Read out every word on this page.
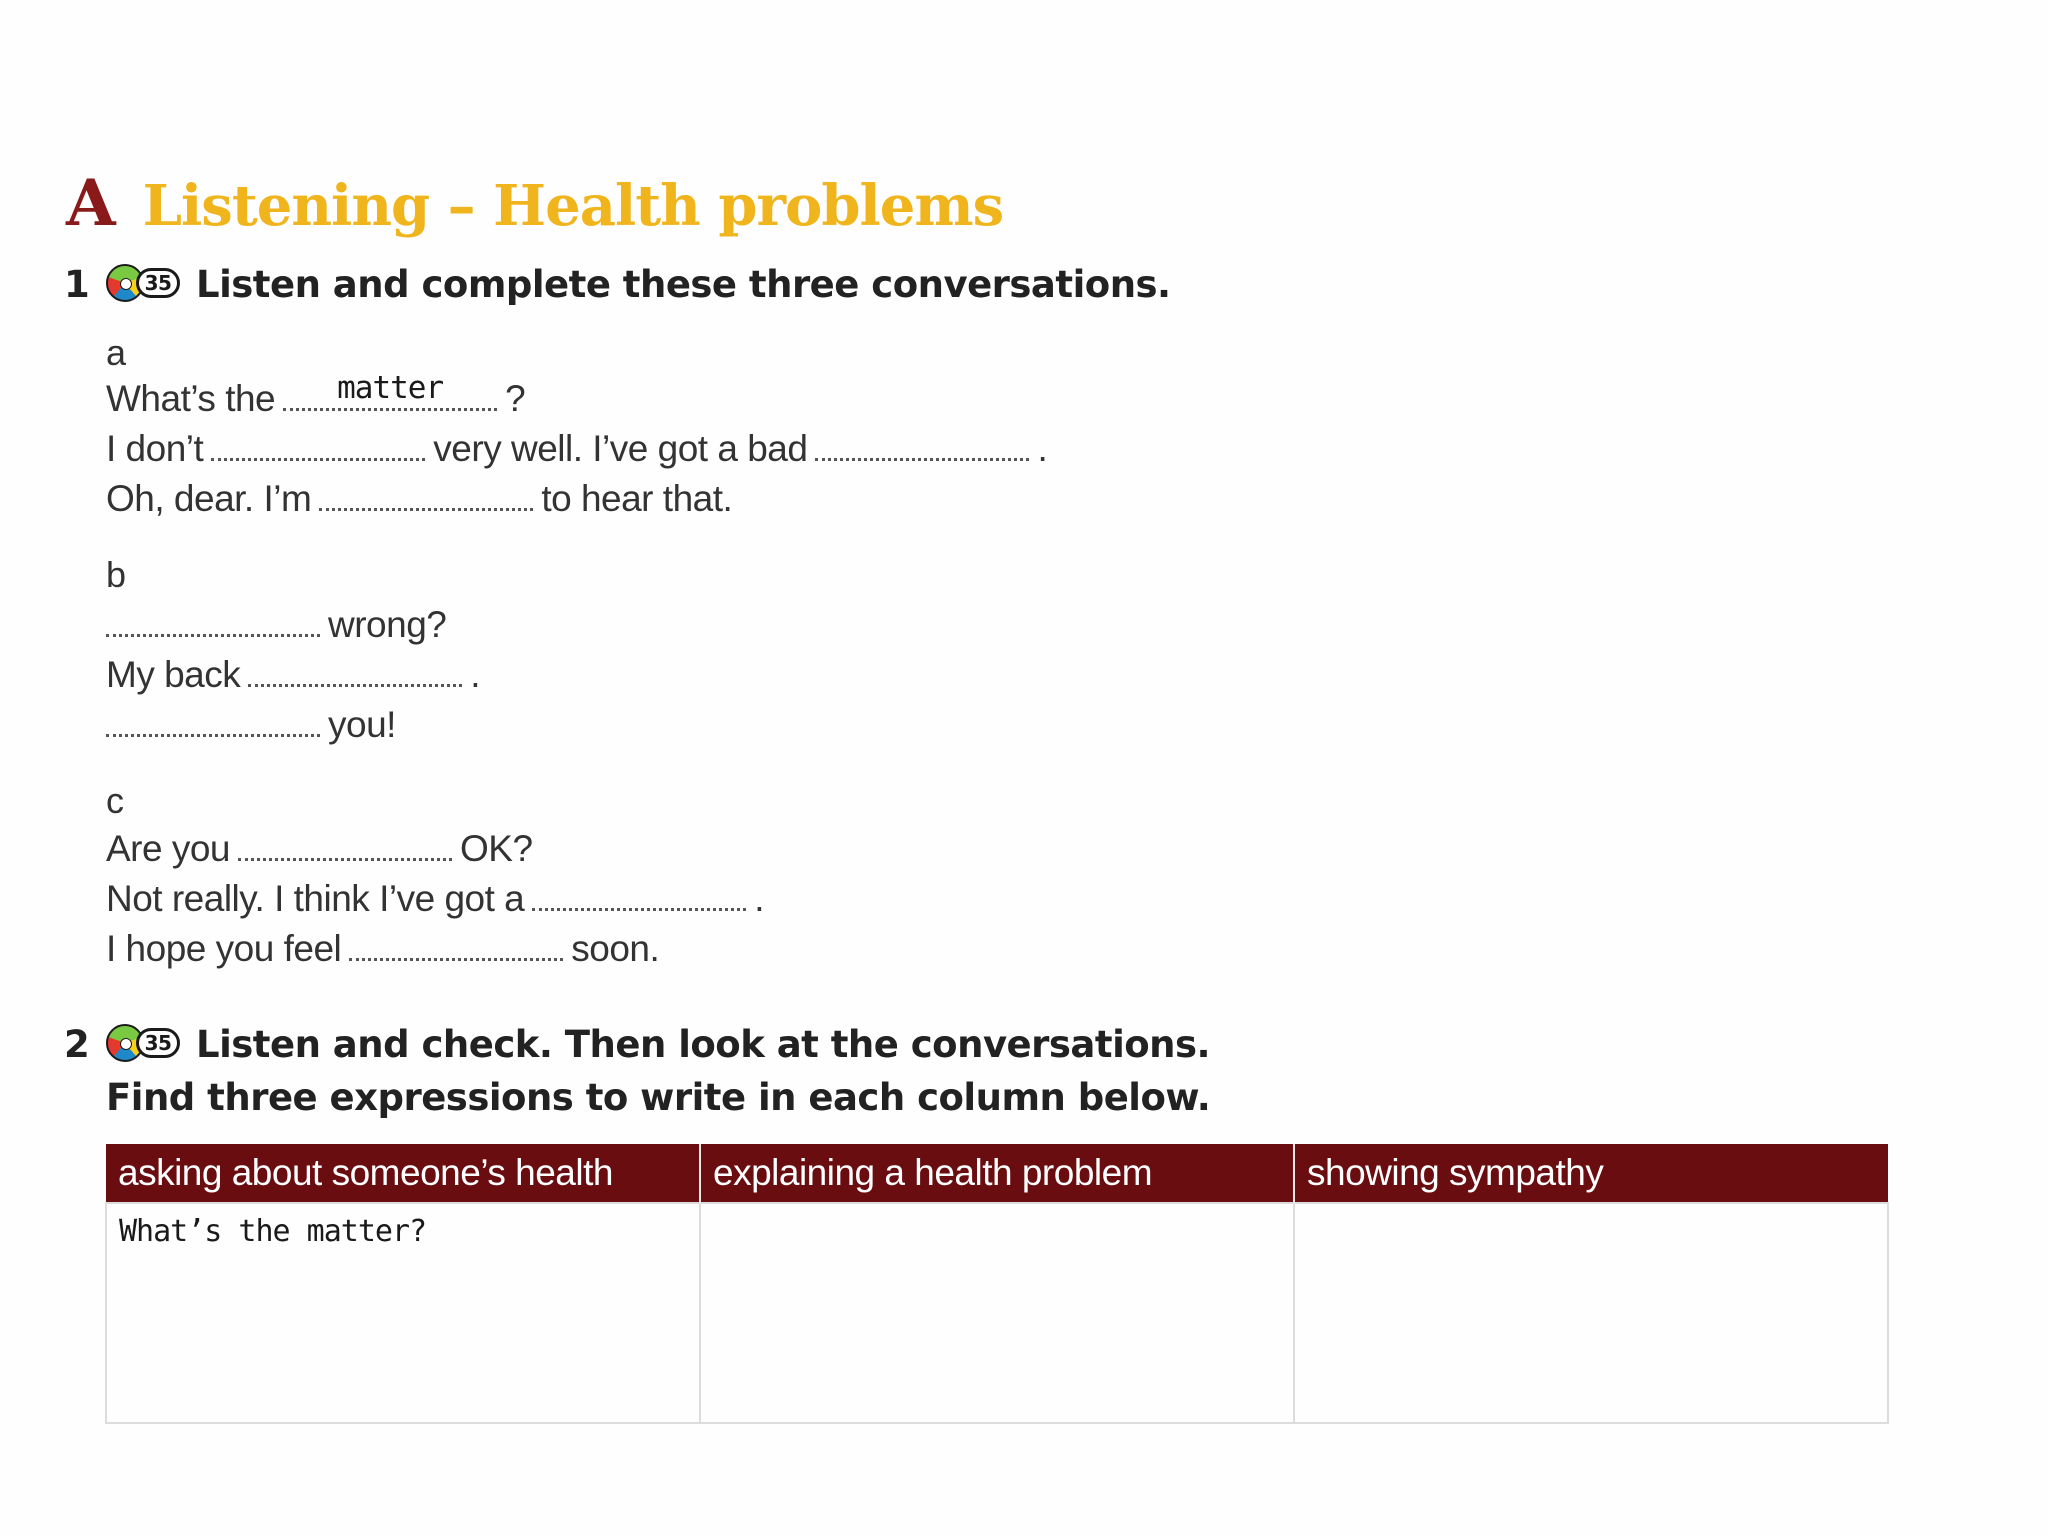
A Listening – Health problems
1	35 Listen and complete these three conversations.
a
What’s the	matter	?
I don’t	very well. I’ve got a bad	.
Oh, dear. I’m	to hear that.
b
wrong?
My back	.
you!
c
Are you	OK?
Not really. I think I’ve got a	.
I hope you feel	soon.
2	35 Listen and check. Then look at the conversations.
Find three expressions to write in each column below.
asking about someone’s health	explaining a health problem	showing sympathy
What’s the matter?		
